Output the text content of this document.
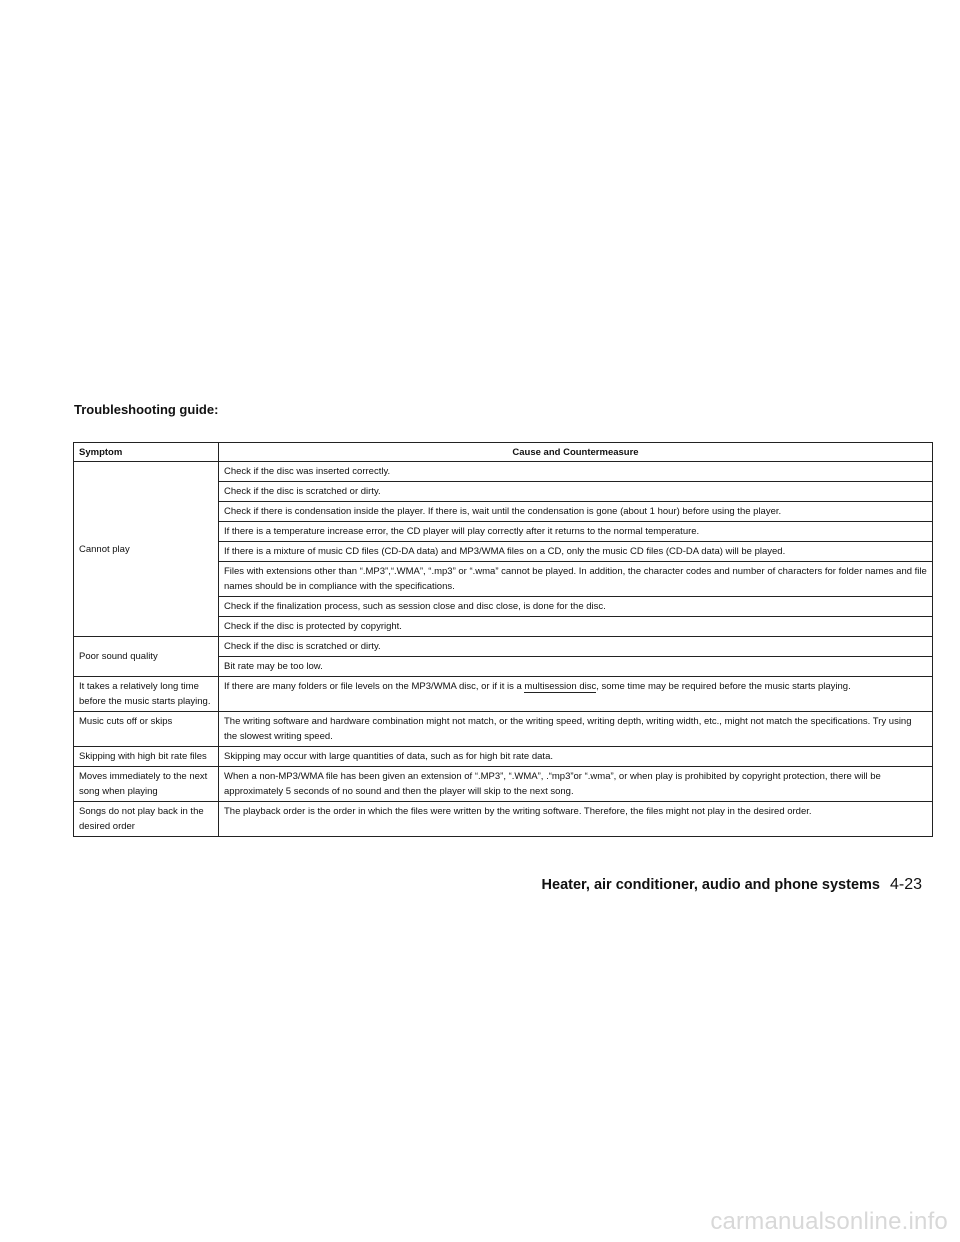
Troubleshooting guide:
Symptom	Cause and Countermeasure
Cannot play	Check if the disc was inserted correctly.
	Check if the disc is scratched or dirty.
	Check if there is condensation inside the player. If there is, wait until the condensation is gone (about 1 hour) before using the player.
	If there is a temperature increase error, the CD player will play correctly after it returns to the normal temperature.
	If there is a mixture of music CD files (CD-DA data) and MP3/WMA files on a CD, only the music CD files (CD-DA data) will be played.
	Files with extensions other than “.MP3”,“.WMA”, “.mp3” or “.wma” cannot be played. In addition, the character codes and number of characters for folder names and file names should be in compliance with the specifications.
	Check if the finalization process, such as session close and disc close, is done for the disc.
	Check if the disc is protected by copyright.
Poor sound quality	Check if the disc is scratched or dirty.
	Bit rate may be too low.
It takes a relatively long time before the music starts playing.	If there are many folders or file levels on the MP3/WMA disc, or if it is a multisession disc, some time may be required before the music starts playing.
Music cuts off or skips	The writing software and hardware combination might not match, or the writing speed, writing depth, writing width, etc., might not match the specifications. Try using the slowest writing speed.
Skipping with high bit rate files	Skipping may occur with large quantities of data, such as for high bit rate data.
Moves immediately to the next song when playing	When a non-MP3/WMA file has been given an extension of “.MP3”, “.WMA”, .“mp3”or “.wma”, or when play is prohibited by copyright protection, there will be approximately 5 seconds of no sound and then the player will skip to the next song.
Songs do not play back in the desired order	The playback order is the order in which the files were written by the writing software. Therefore, the files might not play in the desired order.
Heater, air conditioner, audio and phone systems 4-23
carmanualsonline.info
